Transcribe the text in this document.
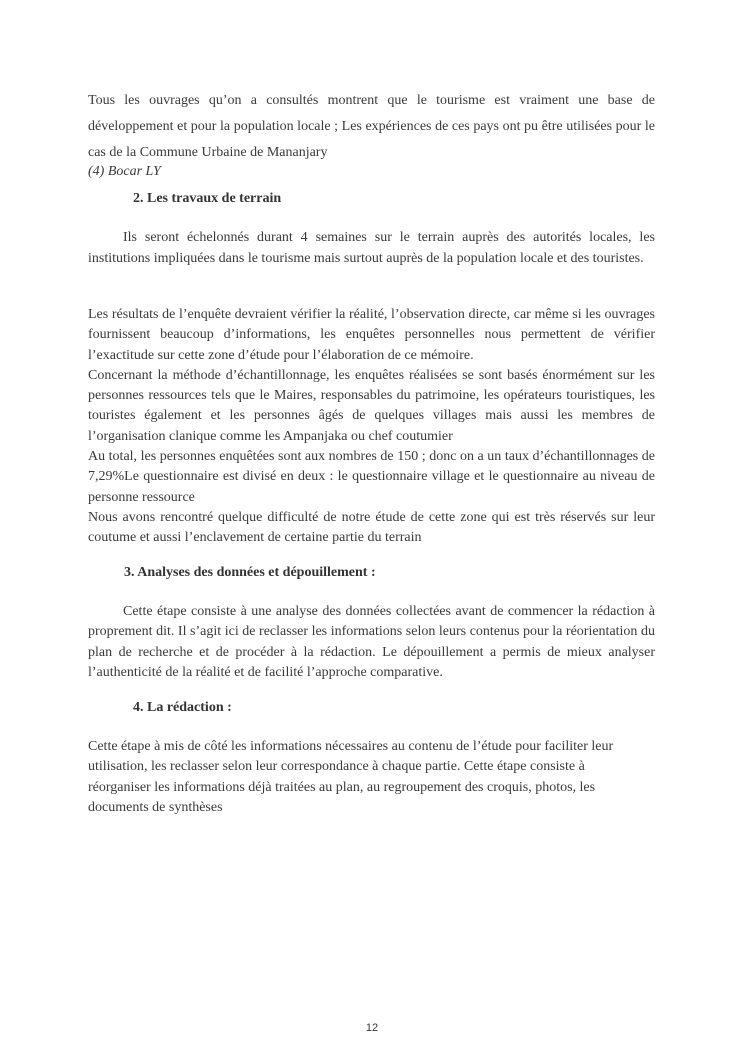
Tous les ouvrages qu’on a consultés montrent que le tourisme est vraiment une base de développement et pour la population locale ; Les expériences de ces pays ont pu être utilisées pour le cas de la Commune Urbaine de Mananjary

(4) Bocar LY

2. Les travaux de terrain

Ils seront échelonnés durant 4 semaines sur le terrain auprès des autorités locales, les institutions impliquées dans le tourisme mais surtout auprès de la population locale et des touristes.

Les résultats de l’enquête devraient vérifier la réalité, l’observation directe, car même si les ouvrages fournissent beaucoup d’informations, les enquêtes personnelles nous permettent de vérifier l’exactitude sur cette zone d’étude pour l’élaboration de ce mémoire.
Concernant la méthode d’échantillonnage, les enquêtes réalisées se sont basés énormément sur les personnes ressources tels que le Maires, responsables du patrimoine, les opérateurs touristiques, les touristes également et les personnes âgés de quelques villages mais aussi les membres de l’organisation clanique comme les Ampanjaka ou chef coutumier
Au total, les personnes enquêtées sont aux nombres de 150 ; donc on a un taux d’échantillonnages de 7,29%Le questionnaire est divisé en deux : le questionnaire village et le questionnaire au niveau de personne ressource
Nous avons rencontré quelque difficulté de notre étude de cette zone qui est très réservés sur leur coutume et aussi l’enclavement de certaine partie du terrain
3. Analyses des données et dépouillement :

Cette étape consiste à une analyse des données collectées avant de commencer la rédaction à proprement dit. Il s’agit ici de reclasser les informations selon leurs contenus pour la réorientation du plan de recherche et de procéder à la rédaction. Le dépouillement a permis de mieux analyser l’authenticité de la réalité et de facilité l’approche comparative.

4. La rédaction :
Cette étape à mis de côté les informations nécessaires au contenu de l’étude pour faciliter leur
utilisation, les reclasser selon leur correspondance à chaque partie. Cette étape consiste à
réorganiser les informations déjà traitées au plan, au regroupement des croquis, photos, les
documents de synthèses

12
